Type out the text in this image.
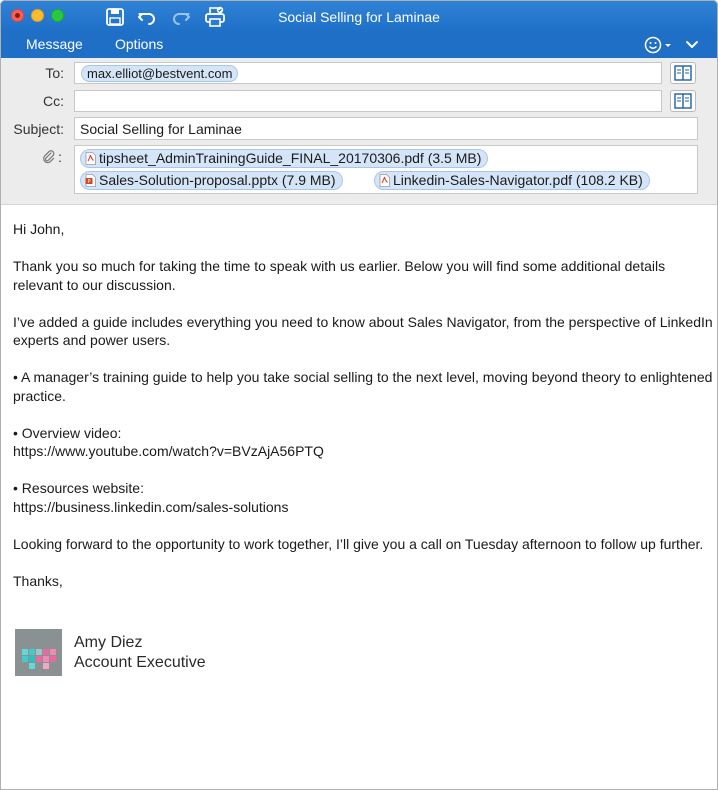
Social Selling for Laminae
Message Options
To:	max.elliot@bestvent.com
Cc:
Subject:
Social Selling for Laminae
:	tipsheet_AdminTrainingGuide_FINAL_20170306.pdf (3.5 MB)
P Sales-Solution-proposal.pptx (7.9 MB)	Linkedin-Sales-Navigator.pdf (108.2 KB)

Hi John,

Thank you so much for taking the time to speak with us earlier. Below you will find some additional details relevant to our discussion.

I’ve added a guide includes everything you need to know about Sales Navigator, from the perspective of LinkedIn experts and power users.

• A manager’s training guide to help you take social selling to the next level, moving beyond theory to enlightened practice.

• Overview video:
https://www.youtube.com/watch?v=BVzAjA56PTQ

• Resources website:
https://business.linkedin.com/sales-solutions

Looking forward to the opportunity to work together, I’ll give you a call on Tuesday afternoon to follow up further.

Thanks,

Amy Diez
Account Executive
